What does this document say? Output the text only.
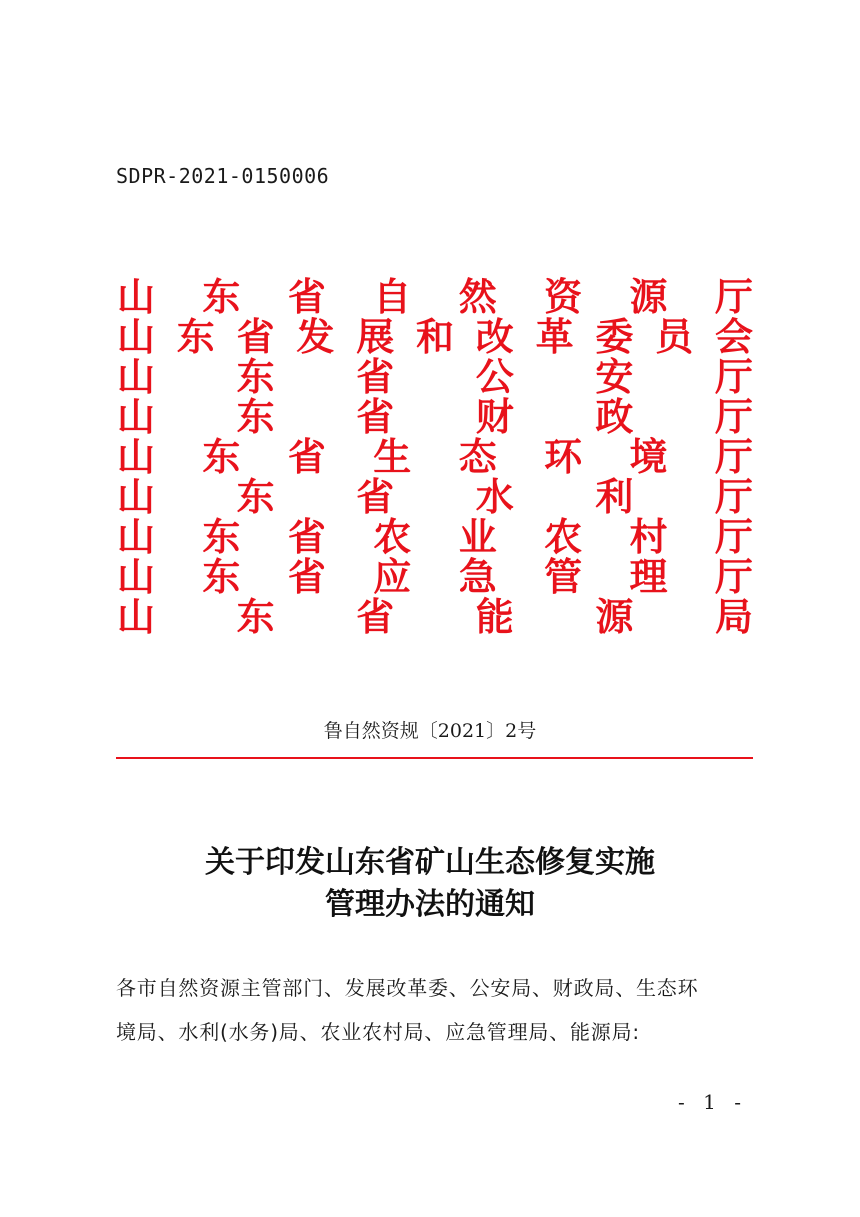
SDPR-2021-0150006
山 东 省 自 然 资 源 厅
山 东 省 发 展 和 改 革 委 员 会
山 东 省 公 安 厅
山 东 省 财 政 厅
山 东 省 生 态 环 境 厅
山 东 省 水 利 厅
山 东 省 农 业 农 村 厅
山 东 省 应 急 管 理 厅
山 东 省 能 源 局
鲁自然资规〔2021〕2号
关于印发山东省矿山生态修复实施
管理办法的通知
各市自然资源主管部门、发展改革委、公安局、财政局、生态环
境局、水利(水务)局、农业农村局、应急管理局、能源局:
- 1 -
